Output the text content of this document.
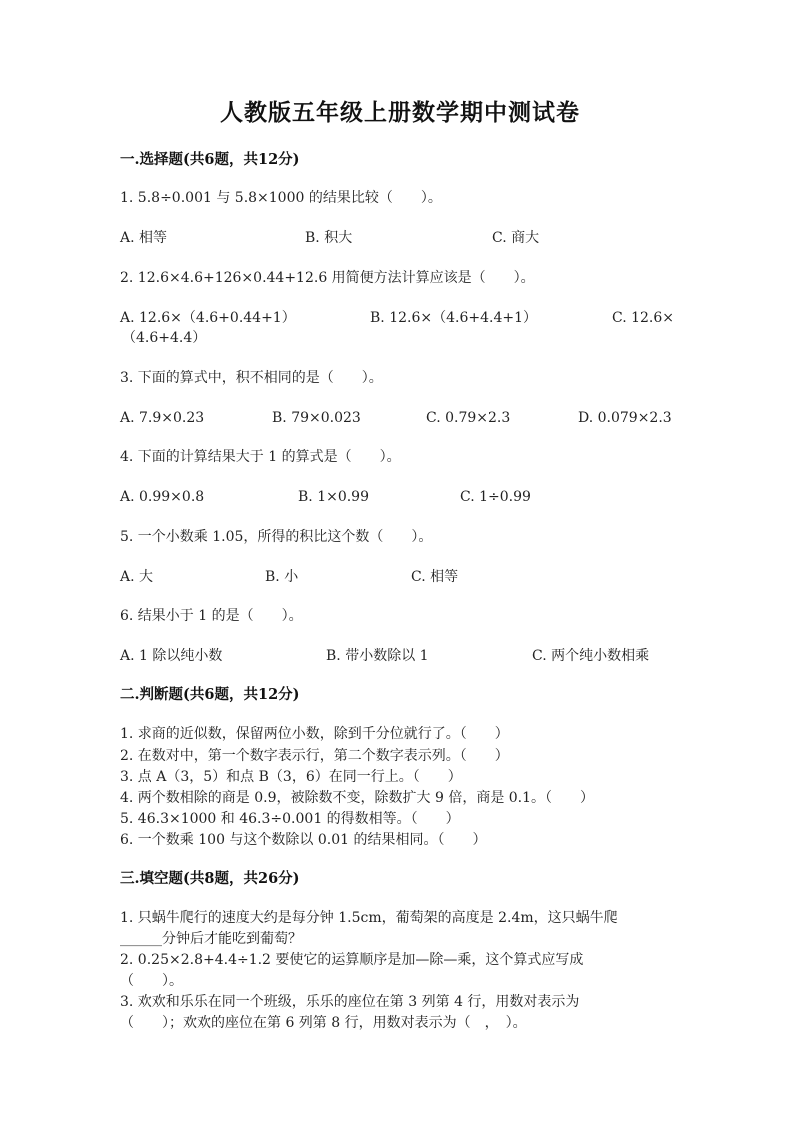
人教版五年级上册数学期中测试卷
一.选择题(共6题，共12分)
1. 5.8÷0.001 与 5.8×1000 的结果比较（　　）。
A. 相等	B. 积大	C. 商大
2. 12.6×4.6+126×0.44+12.6 用简便方法计算应该是（　　）。
A. 12.6×（4.6+0.44+1）	B. 12.6×（4.6+4.4+1）	C. 12.6×
（4.6+4.4）
3. 下面的算式中，积不相同的是（　　）。
A. 7.9×0.23	B. 79×0.023	C. 0.79×2.3	D. 0.079×2.3
4. 下面的计算结果大于 1 的算式是（　　）。
A. 0.99×0.8	B. 1×0.99	C. 1÷0.99
5. 一个小数乘 1.05，所得的积比这个数（　　）。
A. 大	B. 小	C. 相等
6. 结果小于 1 的是（　　）。
A. 1 除以纯小数	B. 带小数除以 1	C. 两个纯小数相乘
二.判断题(共6题，共12分)
1. 求商的近似数，保留两位小数，除到千分位就行了。（　　）
2. 在数对中，第一个数字表示行，第二个数字表示列。（　　）
3. 点 A（3，5）和点 B（3，6）在同一行上。（　　）
4. 两个数相除的商是 0.9，被除数不变，除数扩大 9 倍，商是 0.1。（　　）
5. 46.3×1000 和 46.3÷0.001 的得数相等。（　　）
6. 一个数乘 100 与这个数除以 0.01 的结果相同。（　　）
三.填空题(共8题，共26分)
1. 只蜗牛爬行的速度大约是每分钟 1.5cm，葡萄架的高度是 2.4m，这只蜗牛爬
______分钟后才能吃到葡萄？
2. 0.25×2.8+4.4÷1.2 要使它的运算顺序是加—除—乘，这个算式应写成
（　　）。
3. 欢欢和乐乐在同一个班级，乐乐的座位在第 3 列第 4 行，用数对表示为
（　　）；欢欢的座位在第 6 列第 8 行，用数对表示为（　，　）。
